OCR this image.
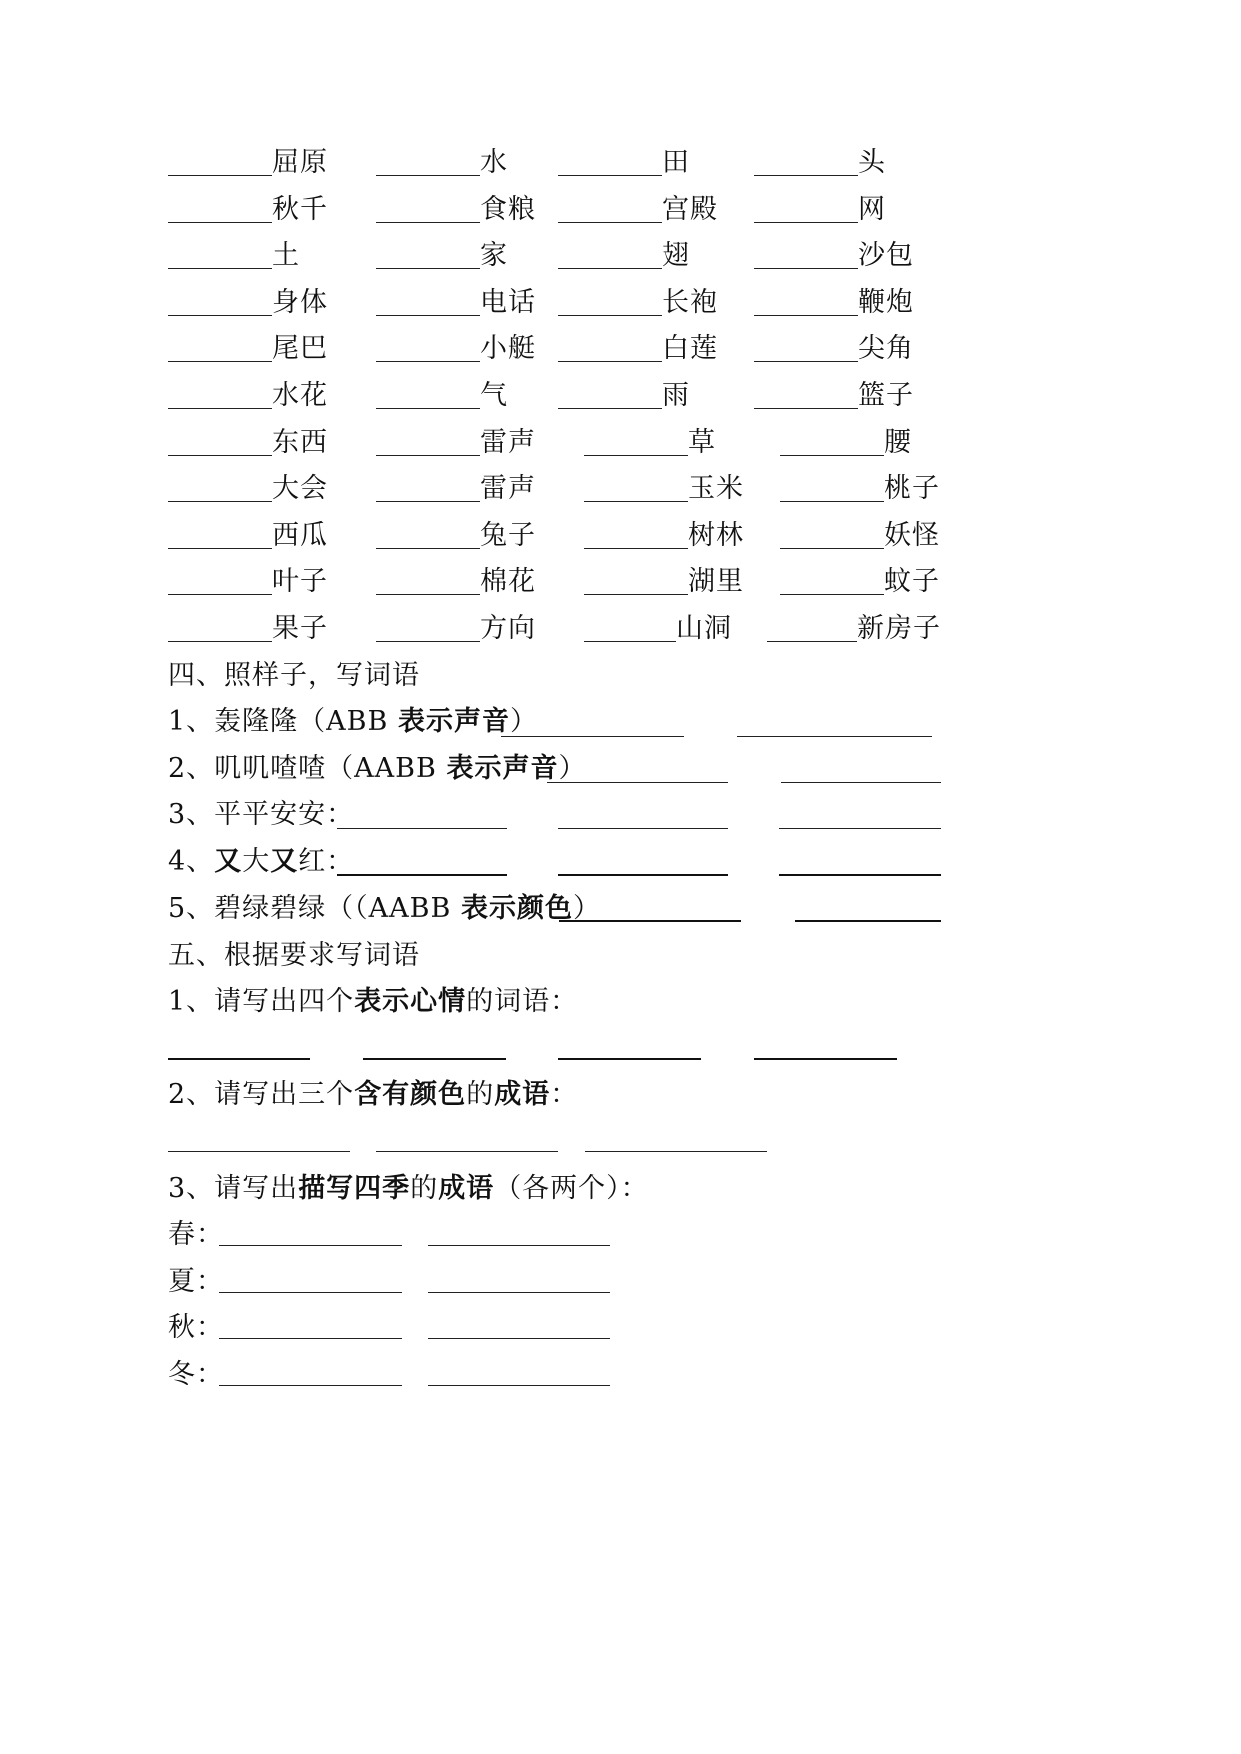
屈原	水	田	头
秋千	食粮	宫殿	网
土	家	翅	沙包
身体	电话	长袍	鞭炮
尾巴	小艇	白莲	尖角
水花	气	雨	篮子
东西	雷声	草	腰
大会	雷声	玉米	桃子
西瓜	兔子	树林	妖怪
叶子	棉花	湖里	蚊子
果子	方向	山洞	新房子
四、照样子，写词语
1、轰隆隆（ABB 表示声音）
2、叽叽喳喳（AABB 表示声音）
3、平平安安：
4、又大又红：
5、碧绿碧绿（（AABB 表示颜色）
五、根据要求写词语
1、请写出四个表示心情的词语：
2、请写出三个含有颜色的成语：
3、请写出描写四季的成语（各两个）：
春：
夏：
秋：
冬：
